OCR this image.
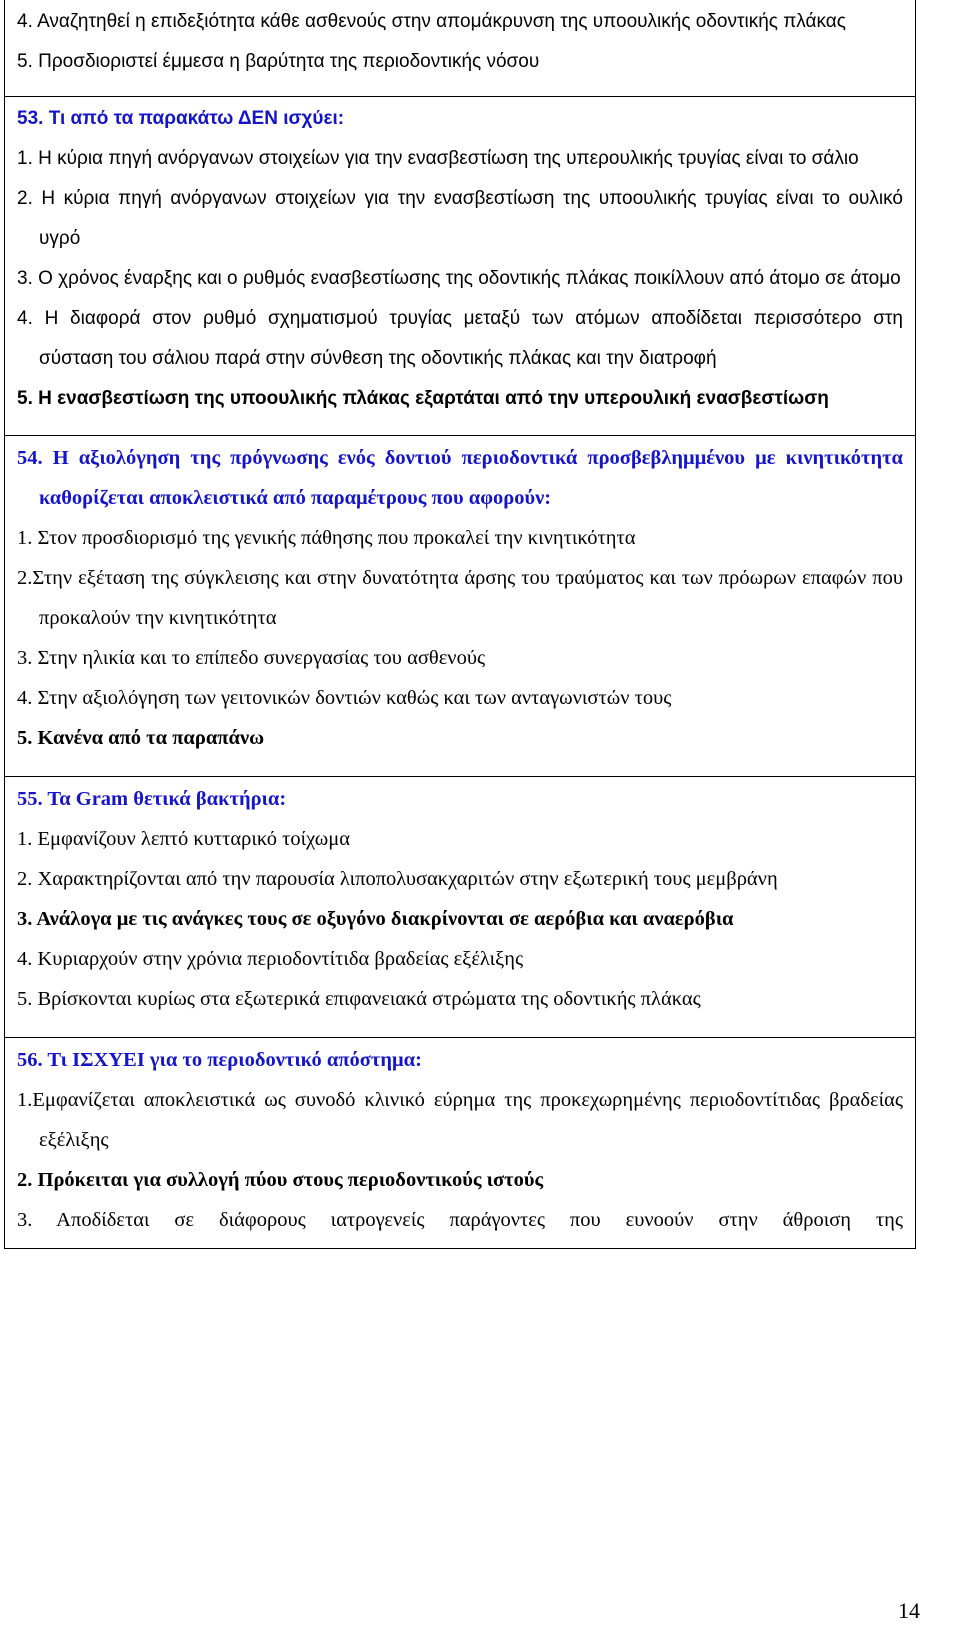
4. Αναζητηθεί η επιδεξιότητα κάθε ασθενούς στην απομάκρυνση της υποουλικής οδοντικής πλάκας

5. Προσδιοριστεί έμμεσα η βαρύτητα της περιοδοντικής νόσου

53. Τι από τα παρακάτω ΔΕΝ ισχύει:

1. Η κύρια πηγή ανόργανων στοιχείων για την ενασβεστίωση της υπερουλικής τρυγίας είναι το σάλιο

2. Η κύρια πηγή ανόργανων στοιχείων για την ενασβεστίωση της υποουλικής τρυγίας είναι το ουλικό υγρό

3. Ο χρόνος έναρξης και ο ρυθμός ενασβεστίωσης της οδοντικής πλάκας ποικίλλουν από άτομο σε άτομο

4. Η διαφορά στον ρυθμό σχηματισμού τρυγίας μεταξύ των ατόμων αποδίδεται περισσότερο στη σύσταση του σάλιου παρά στην σύνθεση της οδοντικής πλάκας και την διατροφή

5. Η ενασβεστίωση της υποουλικής πλάκας εξαρτάται από την υπερουλική ενασβεστίωση

54. Η αξιολόγηση της πρόγνωσης ενός δοντιού περιοδοντικά προσβεβλημμένου με κινητικότητα καθορίζεται αποκλειστικά από παραμέτρους που αφορούν:

1. Στον προσδιορισμό της γενικής πάθησης που προκαλεί την κινητικότητα

2.Στην εξέταση της σύγκλεισης και στην δυνατότητα άρσης του τραύματος και των πρόωρων επαφών που προκαλούν την κινητικότητα

3. Στην ηλικία και το επίπεδο συνεργασίας του ασθενούς

4. Στην αξιολόγηση των γειτονικών δοντιών καθώς και των ανταγωνιστών τους

5. Κανένα από τα παραπάνω

55. Τα Gram θετικά βακτήρια:

1. Εμφανίζουν λεπτό κυτταρικό τοίχωμα

2. Χαρακτηρίζονται από την παρουσία λιποπολυσακχαριτών στην εξωτερική τους μεμβράνη

3. Ανάλογα με τις ανάγκες τους σε οξυγόνο διακρίνονται σε αερόβια και αναερόβια

4. Κυριαρχούν στην χρόνια περιοδοντίτιδα βραδείας εξέλιξης

5. Βρίσκονται κυρίως στα εξωτερικά επιφανειακά στρώματα της οδοντικής πλάκας

56. Τι ΙΣΧΥΕΙ για το περιοδοντικό απόστημα:

1.Εμφανίζεται αποκλειστικά ως συνοδό κλινικό εύρημα της προκεχωρημένης περιοδοντίτιδας βραδείας εξέλιξης

2. Πρόκειται για συλλογή πύου στους περιοδοντικούς ιστούς

3. Αποδίδεται σε διάφορους ιατρογενείς παράγοντες που ευνοούν στην άθροιση της

14
